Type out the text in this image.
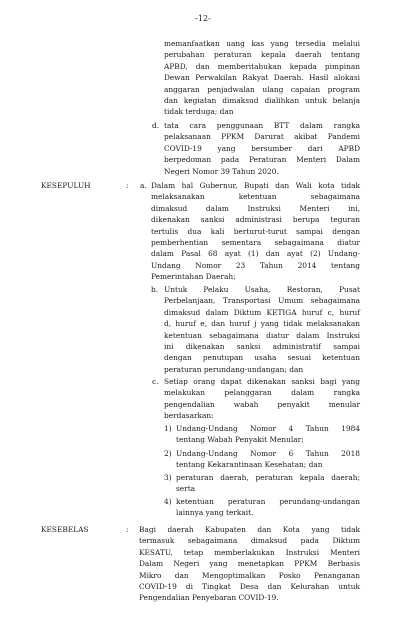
-12-
memanfaatkan uang kas yang tersedia melalui
perubahan peraturan kepala daerah tentang
APBD, dan memberitahukan kepada pimpinan
Dewan Perwakilan Rakyat Daerah. Hasil alokasi
anggaran penjadwalan ulang capaian program
dan kegiatan dimaksud dialihkan untuk belanja
tidak terduga; dan
d. tata cara penggunaan BTT dalam rangka
pelaksanaan PPKM Darurat akibat Pandemi
COVID-19 yang bersumber dari APBD
berpedoman pada Peraturan Menteri Dalam
Negeri Nomor 39 Tahun 2020.
KESEPULUH	: a. Dalam hal Gubernur, Bupati dan Wali kota tidak
melaksanakan ketentuan sebagaimana
dimaksud dalam Instruksi Menteri ini,
dikenakan sanksi administrasi berupa teguran
tertulis dua kali berturut-turut sampai dengan
pemberhentian sementara sebagaimana diatur
dalam Pasal 68 ayat (1) dan ayat (2) Undang-
Undang Nomor 23 Tahun 2014 tentang
Pemerintahan Daerah;
b. Untuk Pelaku Usaha, Restoran, Pusat
Perbelanjaan, Transportasi Umum sebagaimana
dimaksud dalam Diktum KETIGA huruf c, huruf
d, huruf e, dan huruf j yang tidak melaksanakan
ketentuan sebagaimana diatur dalam Instruksi
ini dikenakan sanksi administratif sampai
dengan penutupan usaha sesuai ketentuan
peraturan perundang-undangan; dan
c. Setiap orang dapat dikenakan sanksi bagi yang
melakukan pelanggaran dalam rangka
pengendalian wabah penyakit menular
berdasarkan:
1) Undang-Undang Nomor 4 Tahun 1984
tentang Wabah Penyakit Menular;
2) Undang-Undang Nomor 6 Tahun 2018
tentang Kekarantinaan Kesehatan; dan
3) peraturan daerah, peraturan kepala daerah;
serta
4) ketentuan peraturan perundang-undangan
lainnya yang terkait.
KESEBELAS	: Bagi daerah Kabupaten dan Kota yang tidak
termasuk sebagaimana dimaksud pada Diktum
KESATU, tetap memberlakukan Instruksi Menteri
Dalam Negeri yang menetapkan PPKM Berbasis
Mikro dan Mengoptimalkan Posko Penanganan
COVID-19 di Tingkat Desa dan Kelurahan untuk
Pengendalian Penyebaran COVID-19.
